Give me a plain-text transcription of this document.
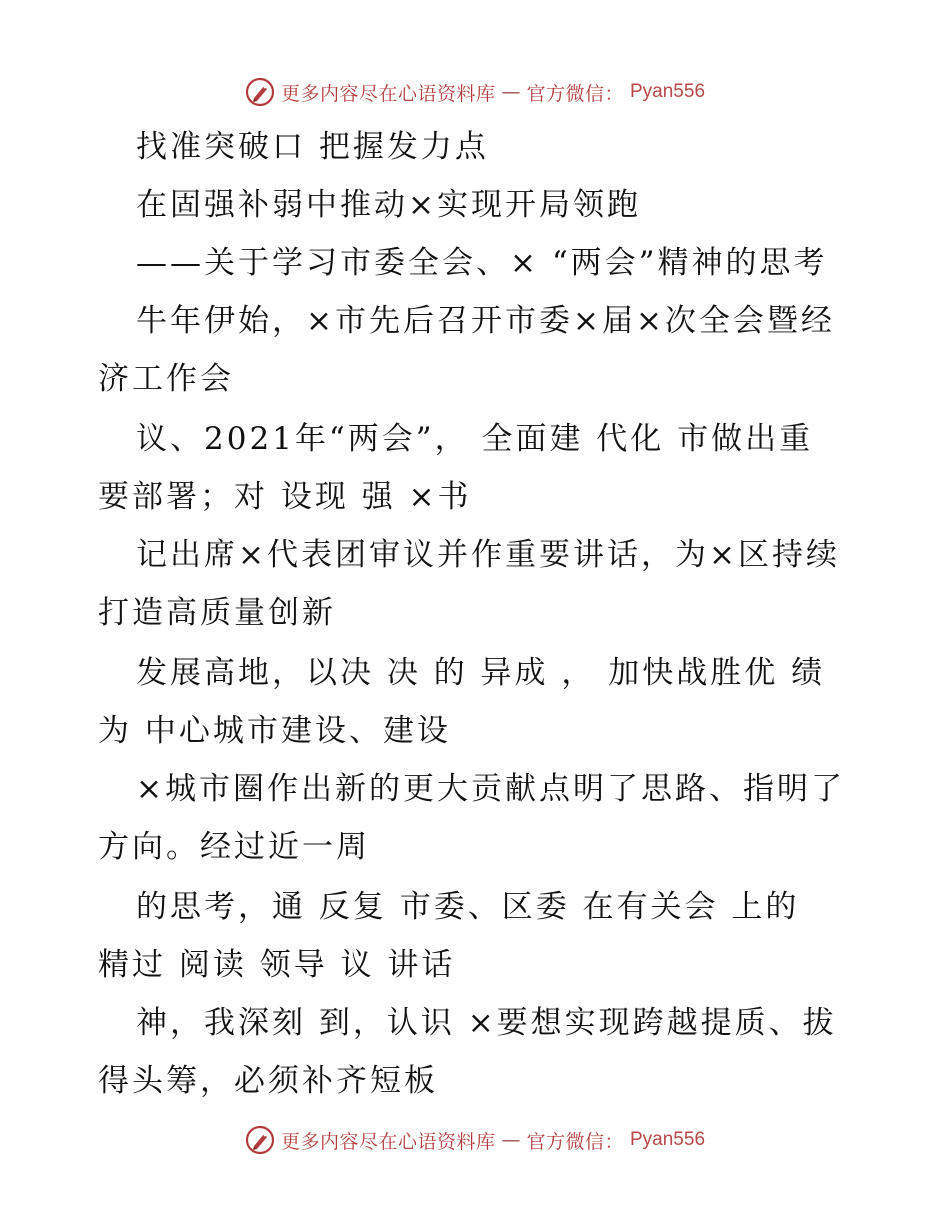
更多内容尽在心语资料库 — 官方微信： Pyan556
找准突破口 把握发力点
在固强补弱中推动×实现开局领跑
——关于学习市委全会、× “两会”精神的思考
牛年伊始，×市先后召开市委×届×次全会暨经
济工作会
议、2021年“两会”， 全面建 代化 市做出重
要部署；对 设现 强 ×书
记出席×代表团审议并作重要讲话，为×区持续
打造高质量创新
发展高地，以决 决 的 异成 ， 加快战胜优 绩
为 中心城市建设、建设
×城市圈作出新的更大贡献点明了思路、指明了
方向。经过近一周
的思考，通 反复 市委、区委 在有关会 上的
精过 阅读 领导 议 讲话
神，我深刻 到，认识 ×要想实现跨越提质、拔
得头筹，必须补齐短板
更多内容尽在心语资料库 — 官方微信： Pyan556
